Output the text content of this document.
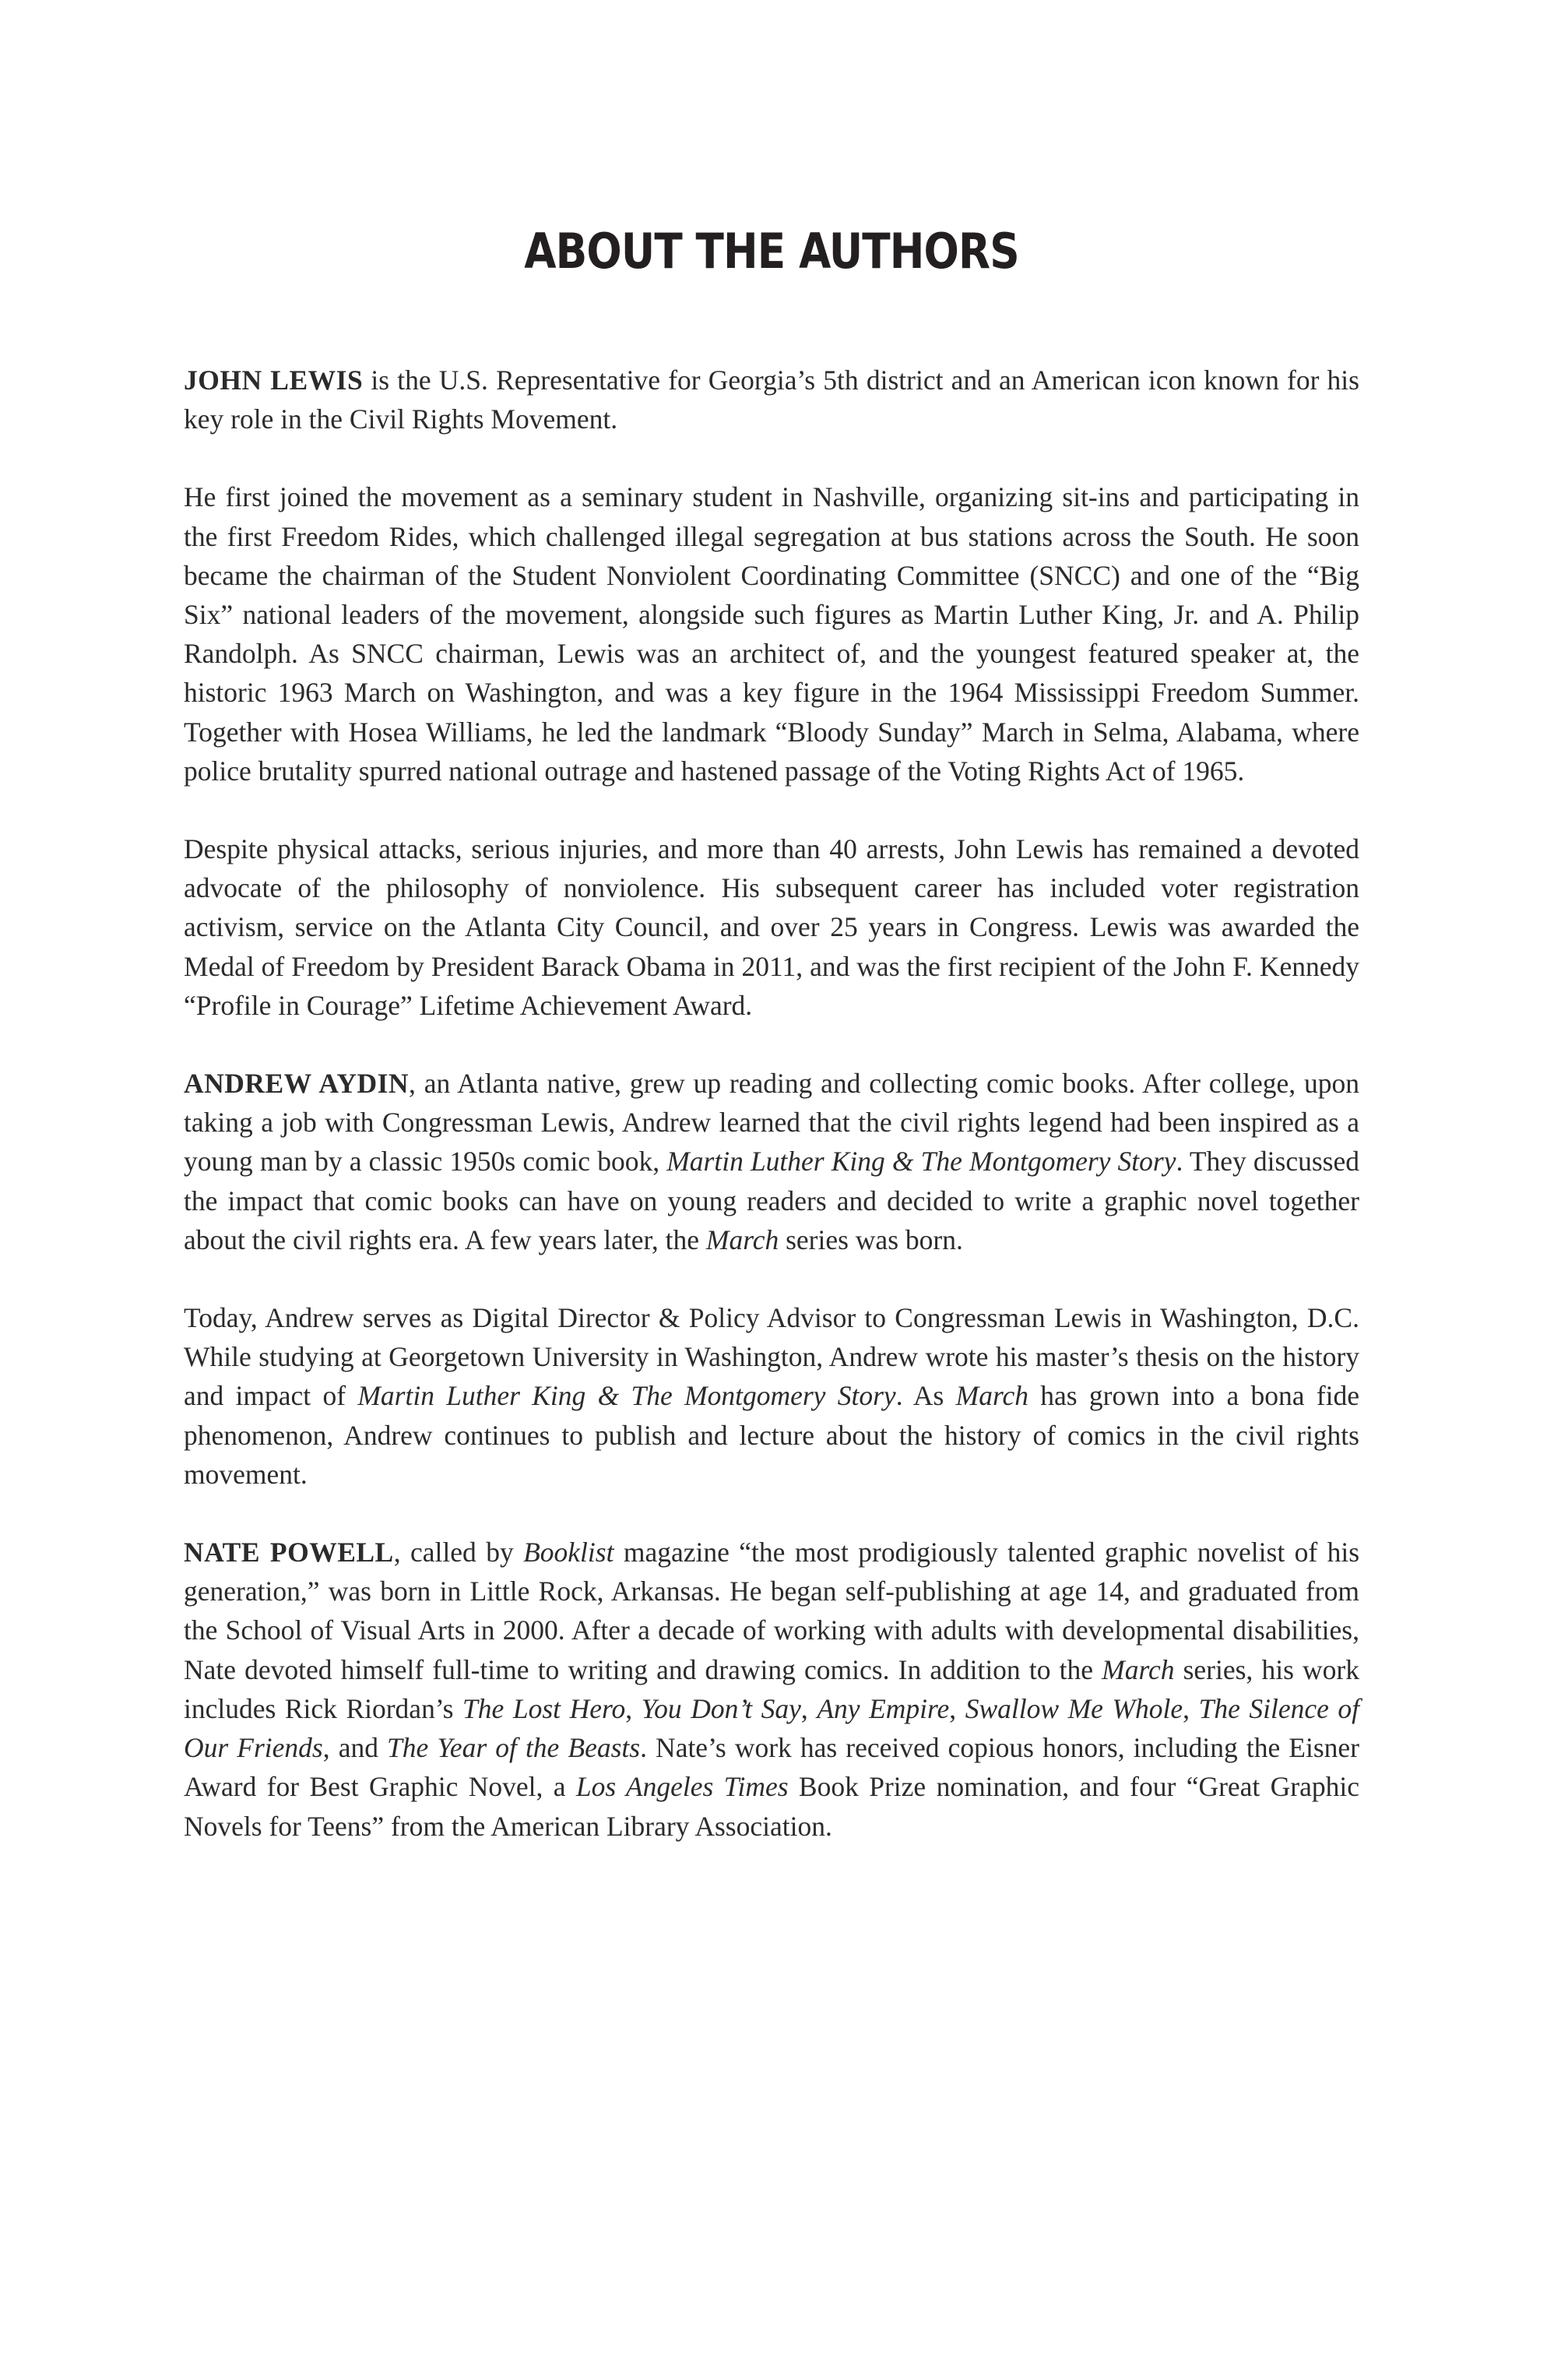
ABOUT THE AUTHORS

JOHN LEWIS is the U.S. Representative for Georgia’s 5th district and an American icon known for his key role in the Civil Rights Movement.

He first joined the movement as a seminary student in Nashville, organizing sit-ins and participating in the first Freedom Rides, which challenged illegal segregation at bus stations across the South. He soon became the chairman of the Student Nonviolent Coordinating Committee (SNCC) and one of the “Big Six” national leaders of the movement, alongside such figures as Martin Luther King, Jr. and A. Philip Randolph. As SNCC chairman, Lewis was an architect of, and the youngest featured speaker at, the historic 1963 March on Washington, and was a key figure in the 1964 Mississippi Freedom Summer. Together with Hosea Williams, he led the landmark “Bloody Sunday” March in Selma, Alabama, where police brutality spurred national outrage and hastened passage of the Voting Rights Act of 1965.

Despite physical attacks, serious injuries, and more than 40 arrests, John Lewis has remained a devoted advocate of the philosophy of nonviolence. His subsequent career has included voter registration activism, service on the Atlanta City Council, and over 25 years in Congress. Lewis was awarded the Medal of Freedom by President Barack Obama in 2011, and was the first recipient of the John F. Kennedy “Profile in Courage” Lifetime Achievement Award.

ANDREW AYDIN, an Atlanta native, grew up reading and collecting comic books. After college, upon taking a job with Congressman Lewis, Andrew learned that the civil rights legend had been inspired as a young man by a classic 1950s comic book, Martin Luther King & The Montgomery Story. They discussed the impact that comic books can have on young readers and decided to write a graphic novel together about the civil rights era. A few years later, the March series was born.

Today, Andrew serves as Digital Director & Policy Advisor to Congressman Lewis in Washington, D.C. While studying at Georgetown University in Washington, Andrew wrote his master’s thesis on the history and impact of Martin Luther King & The Montgomery Story. As March has grown into a bona fide phenomenon, Andrew continues to publish and lecture about the history of comics in the civil rights movement.

NATE POWELL, called by Booklist magazine “the most prodigiously talented graphic novelist of his generation,” was born in Little Rock, Arkansas. He began self-publishing at age 14, and graduated from the School of Visual Arts in 2000. After a decade of working with adults with developmental disabilities, Nate devoted himself full-time to writing and drawing comics. In addition to the March series, his work includes Rick Riordan’s The Lost Hero, You Don’t Say, Any Empire, Swallow Me Whole, The Silence of Our Friends, and The Year of the Beasts. Nate’s work has received copious honors, including the Eisner Award for Best Graphic Novel, a Los Angeles Times Book Prize nomination, and four “Great Graphic Novels for Teens” from the American Library Association.
